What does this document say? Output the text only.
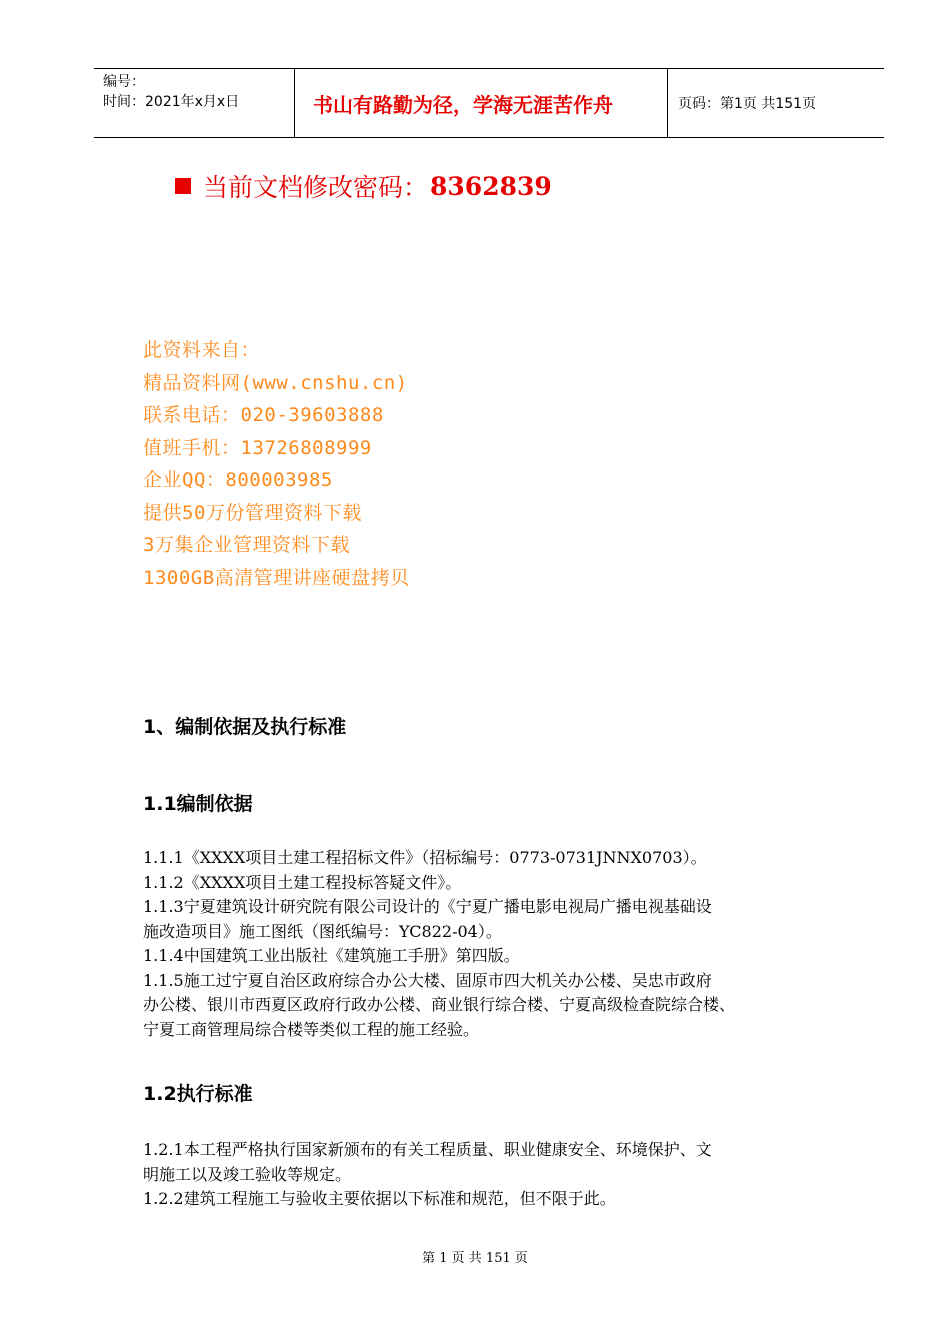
编号：
时间：2021年x月x日	书山有路勤为径，学海无涯苦作舟	页码：第1页 共151页
当前文档修改密码： 8362839
此资料来自：
精品资料网(www.cnshu.cn)
联系电话：020-39603888
值班手机：13726808999
企业QQ：800003985
提供50万份管理资料下载
3万集企业管理资料下载
1300GB高清管理讲座硬盘拷贝
1、编制依据及执行标准
1.1编制依据
1.1.1《XXXX项目土建工程招标文件》（招标编号：0773-0731JNNX0703）。
1.1.2《XXXX项目土建工程投标答疑文件》。
1.1.3宁夏建筑设计研究院有限公司设计的《宁夏广播电影电视局广播电视基础设
施改造项目》施工图纸（图纸编号：YC822-04）。
1.1.4中国建筑工业出版社《建筑施工手册》第四版。
1.1.5施工过宁夏自治区政府综合办公大楼、固原市四大机关办公楼、吴忠市政府
办公楼、银川市西夏区政府行政办公楼、商业银行综合楼、宁夏高级检查院综合楼、
宁夏工商管理局综合楼等类似工程的施工经验。
1.2执行标准
1.2.1本工程严格执行国家新颁布的有关工程质量、职业健康安全、环境保护、文
明施工以及竣工验收等规定。
1.2.2建筑工程施工与验收主要依据以下标准和规范，但不限于此。
第 1 页 共 151 页
